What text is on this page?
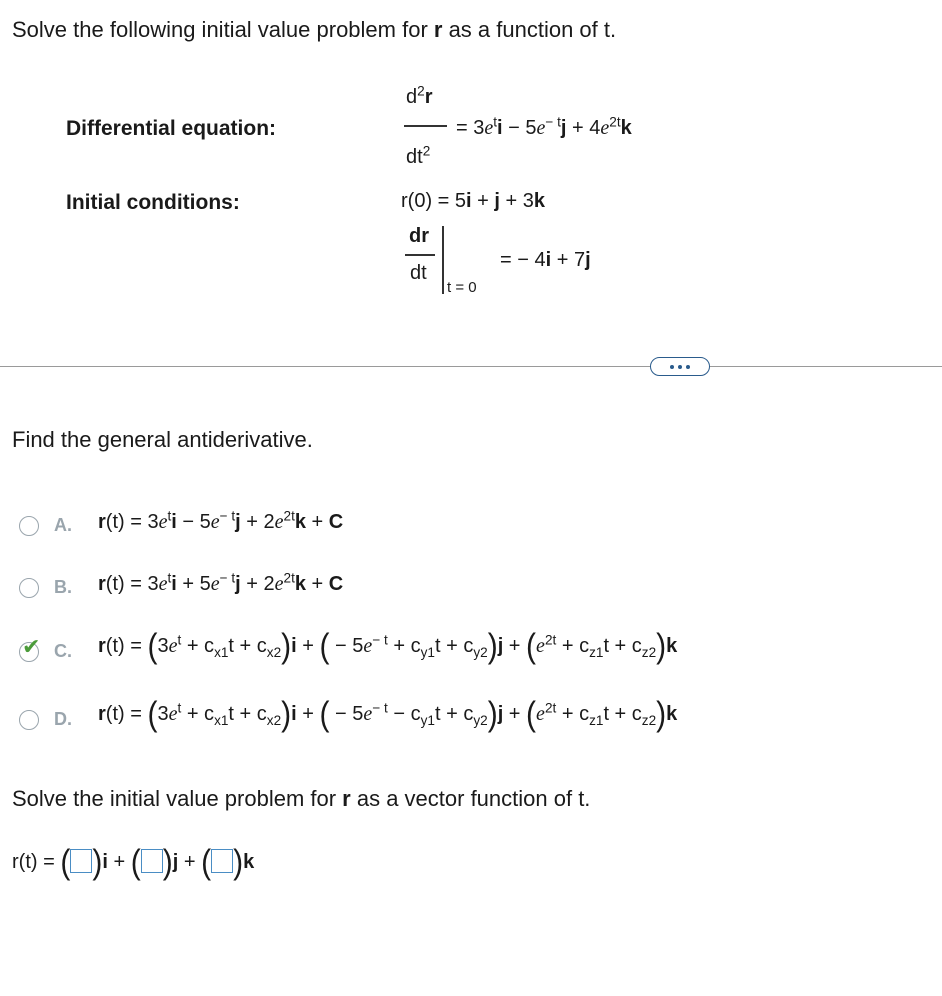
Solve the following initial value problem for r as a function of t.
Differential equation:
$d^2r$
$dt^2$
= $3e^ti - 5e^{- t}j + 4e^{2t}k$
Initial conditions:	r(0) = 5i + j + 3k
dr
dt
t = 0
= − 4i + 7j
Find the general antiderivative.
A. $r(t) = 3e^ti - 5e^{- t}j + 2e^{2t}k + C$
B. $r(t) = 3e^ti + 5e^{- t}j + 2e^{2t}k + C$
✔ C. $r(t) = (3e^t + c_{x1}t + c_{x2})i$ + ( − $5e^{- t} + c_{y1}t + c_{y2})j + (e^{2t} + c_{z1}t + c_{z2})k$
D. $r(t) = (3e^t + c_{x1}t + c_{x2})i$ + ( − $5e^{- t} - c_{y1}t + c_{y2})j + (e^{2t} + c_{z1}t + c_{z2})k$
Solve the initial value problem for r as a vector function of t.
r(t) = ( )i + ( )j + ( )k
